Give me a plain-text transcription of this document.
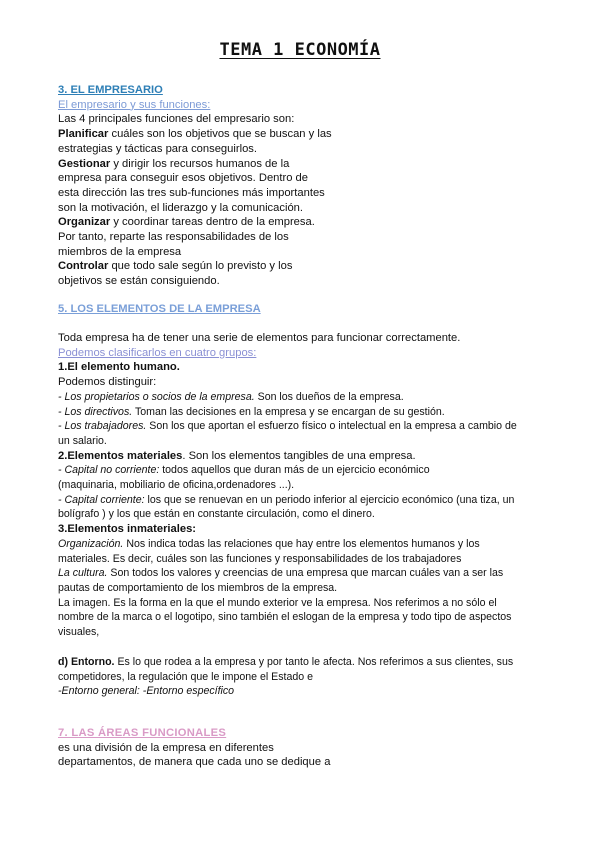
TEMA 1 ECONOMÍA

3. EL EMPRESARIO

El empresario y sus funciones:

Las 4 principales funciones del empresario son:

Planificar cuáles son los objetivos que se buscan y las

estrategias y tácticas para conseguirlos.

Gestionar y dirigir los recursos humanos de la

empresa para conseguir esos objetivos. Dentro de

esta dirección las tres sub-funciones más importantes

son la motivación, el liderazgo y la comunicación.

Organizar y coordinar tareas dentro de la empresa.

Por tanto, reparte las responsabilidades de los

miembros de la empresa

Controlar que todo sale según lo previsto y los

objetivos se están consiguiendo.

5. LOS ELEMENTOS DE LA EMPRESA

Toda empresa ha de tener una serie de elementos para funcionar correctamente.

Podemos clasificarlos en cuatro grupos:

1.El elemento humano.

Podemos distinguir:

- Los propietarios o socios de la empresa. Son los dueños de la empresa.

- Los directivos. Toman las decisiones en la empresa y se encargan de su gestión.

- Los trabajadores. Son los que aportan el esfuerzo físico o intelectual en la empresa a cambio de

un salario.

2.Elementos materiales. Son los elementos tangibles de una empresa.

- Capital no corriente: todos aquellos que duran más de un ejercicio económico

(maquinaria, mobiliario de oficina,ordenadores ...).

- Capital corriente: los que se renuevan en un periodo inferior al ejercicio económico (una tiza, un

bolígrafo ) y los que están en constante circulación, como el dinero.

3.Elementos inmateriales:

Organización. Nos indica todas las relaciones que hay entre los elementos humanos y los

materiales. Es decir, cuáles son las funciones y responsabilidades de los trabajadores

La cultura. Son todos los valores y creencias de una empresa que marcan cuáles van a ser las

pautas de comportamiento de los miembros de la empresa.

La imagen. Es la forma en la que el mundo exterior ve la empresa. Nos referimos a no sólo el

nombre de la marca o el logotipo, sino también el eslogan de la empresa y todo tipo de aspectos

visuales,

d) Entorno. Es lo que rodea a la empresa y por tanto le afecta. Nos referimos a sus clientes, sus

competidores, la regulación que le impone el Estado e

-Entorno general: -Entorno específico

7. LAS ÁREAS FUNCIONALES

es una división de la empresa en diferentes

departamentos, de manera que cada uno se dedique a
